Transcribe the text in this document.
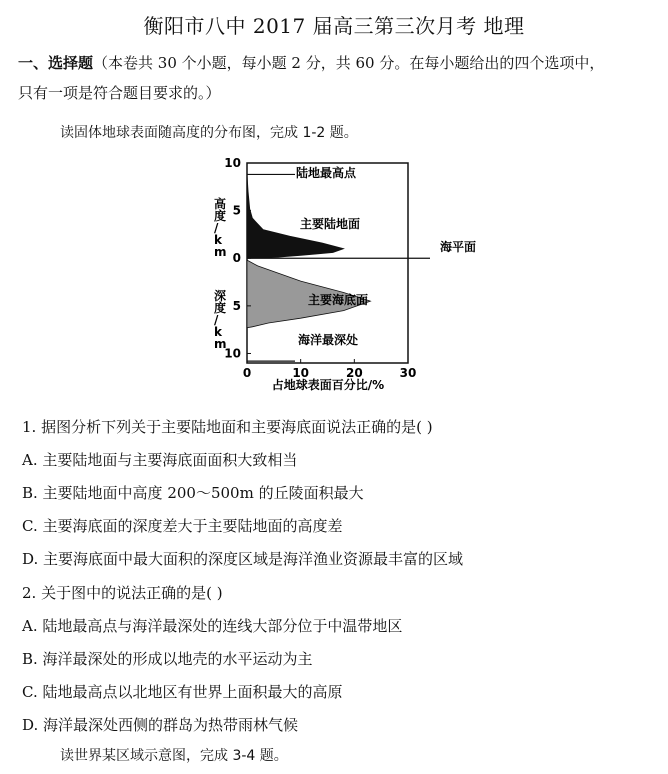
衡阳市八中 2017 届高三第三次月考 地理
一、选择题（本卷共 30 个小题，每小题 2 分，共 60 分。在每小题给出的四个选项中，
只有一项是符合题目要求的。）
读固体地球表面随高度的分布图，完成 1-2 题。
0	10	20	30
10
5
0
5
10
高度/ k m
深度/ k m
陆地最高点
主要陆地面
海平面
主要海底面
海洋最深处
占地球表面百分比/%
1. 据图分析下列关于主要陆地面和主要海底面说法正确的是( )
A. 主要陆地面与主要海底面面积大致相当
B. 主要陆地面中高度 200～500m 的丘陵面积最大
C. 主要海底面的深度差大于主要陆地面的高度差
D. 主要海底面中最大面积的深度区域是海洋渔业资源最丰富的区域
2. 关于图中的说法正确的是( )
A. 陆地最高点与海洋最深处的连线大部分位于中温带地区
B. 海洋最深处的形成以地壳的水平运动为主
C. 陆地最高点以北地区有世界上面积最大的高原
D. 海洋最深处西侧的群岛为热带雨林气候
读世界某区域示意图，完成 3-4 题。
